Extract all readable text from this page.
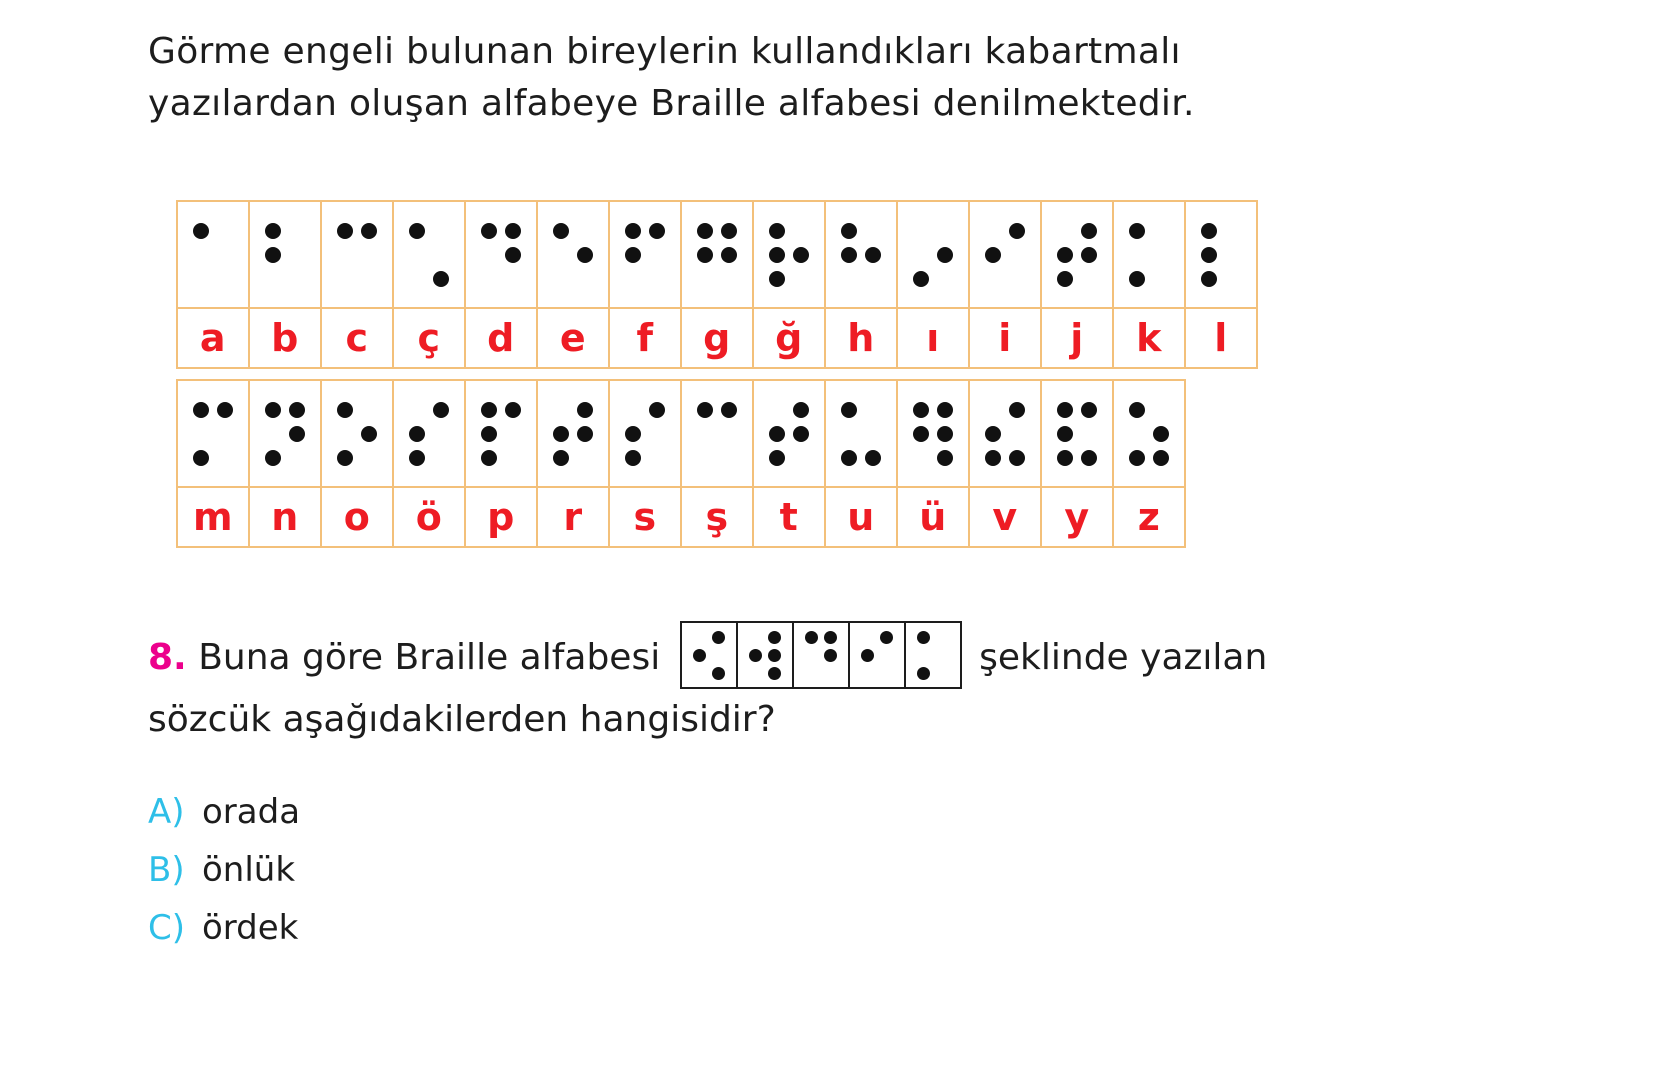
Görme engeli bulunan bireylerin kullandıkları kabartmalı yazılardan oluşan alfabeye Braille alfabesi denilmektedir.
a	b	c	ç	d	e	f	g	ğ	h	ı	i	j	k	l
m	n	o	ö	p	r	s	ş	t	u	ü	v	y	z
8. Buna göre Braille alfabesi	şeklinde yazılan
sözcük aşağıdakilerden hangisidir?
A) orada
B) önlük
C) ördek
